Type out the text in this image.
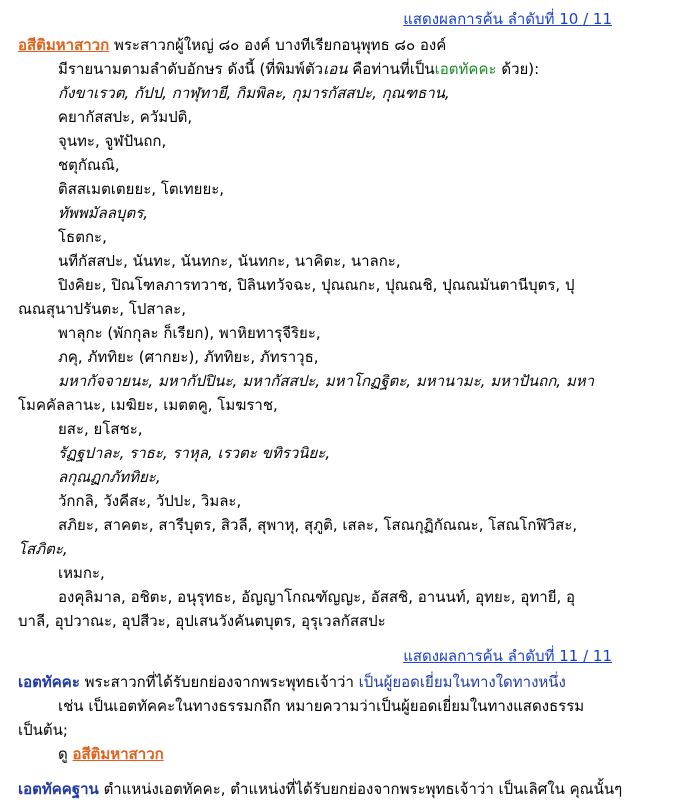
แสดงผลการค้น ลำดับที่ 10 / 11
อสีติมหาสาวก พระสาวกผู้ใหญ่ ๘๐ องค์ บางทีเรียกอนุพุทธ ๘๐ องค์
มีรายนามตามลำดับอักษร ดังนี้ (ที่พิมพ์ตัวเอน คือท่านที่เป็นเอตทัคคะ ด้วย):
กังขาเรวต, กัปป, กาฬุทายี, กิมพิละ, กุมารกัสสปะ, กุณฑธาน,
คยากัสสปะ, ควัมปติ,
จุนทะ, จูฬปันถก,
ชตุกัณณิ,
ติสสเมตเตยยะ, โตเทยยะ,
ทัพพมัลลบุตร,
โธตกะ,
นทีกัสสปะ, นันทะ, นันทกะ, นันทกะ, นาคิตะ, นาลกะ,
ปิงคิยะ, ปิณโฑลภารทวาช, ปิลินทวัจฉะ, ปุณณกะ, ปุณณชิ, ปุณณมันตานีบุตร, ปุ
ณณสุนาปรันตะ, โปสาละ,
พาลุกะ (พักกุละ ก็เรียก), พาหิยทารุจีริยะ,
ภคุ, ภัททิยะ (ศากยะ), ภัททิยะ, ภัทราวุธ,
มหากัจจายนะ, มหากัปปินะ, มหากัสสปะ, มหาโกฏฐิตะ, มหานามะ, มหาปันถก, มหา
โมคคัลลานะ, เมฆิยะ, เมตตคู, โมฆราช,
ยสะ, ยโสชะ,
รัฏฐปาละ, ราธะ, ราหุล, เรวตะ ขทิรวนิยะ,
ลกุณฏกภัททิยะ,
วักกลิ, วังคีสะ, วัปปะ, วิมละ,
สภิยะ, สาคตะ, สารีบุตร, สิวลี, สุพาหุ, สุภูติ, เสละ, โสณกุฏิกัณณะ, โสณโกฬิวิสะ,
โสภิตะ,
เหมกะ,
องคุลิมาล, อชิตะ, อนุรุทธะ, อัญญาโกณฑัญญะ, อัสสชิ, อานนท์, อุทยะ, อุทายี, อุ
บาลี, อุปวาณะ, อุปสีวะ, อุปเสนวังคันตบุตร, อุรุเวลกัสสปะ
แสดงผลการค้น ลำดับที่ 11 / 11
เอตทัคคะ พระสาวกที่ได้รับยกย่องจากพระพุทธเจ้าว่า เป็นผู้ยอดเยี่ยมในทางใดทางหนึ่ง
เช่น เป็นเอตทัคคะในทางธรรมกถึก หมายความว่าเป็นผู้ยอดเยี่ยมในทางแสดงธรรม
เป็นต้น;
ดู อสีติมหาสาวก
เอตทัคคฐาน ตำแหน่งเอตทัคคะ, ตำแหน่งที่ได้รับยกย่องจากพระพุทธเจ้าว่า เป็นเลิศใน คุณนั้นๆ
